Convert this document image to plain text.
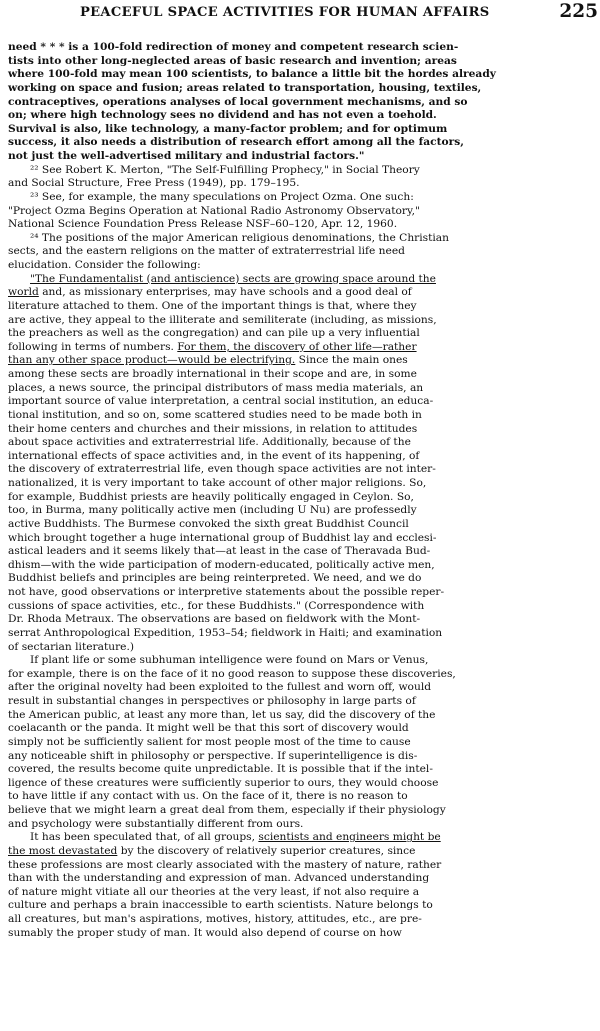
PEACEFUL SPACE ACTIVITIES FOR HUMAN AFFAIRS	225
need * * * is a 100-fold redirection of money and competent research scien-
tists into other long-neglected areas of basic research and invention; areas
where 100-fold may mean 100 scientists, to balance a little bit the hordes already
working on space and fusion; areas related to transportation, housing, textiles,
contraceptives, operations analyses of local government mechanisms, and so
on; where high technology sees no dividend and has not even a toehold.
Survival is also, like technology, a many-factor problem; and for optimum
success, it also needs a distribution of research effort among all the factors,
not just the well-advertised military and industrial factors."
²² See Robert K. Merton, "The Self-Fulfilling Prophecy," in Social Theory
and Social Structure, Free Press (1949), pp. 179–195.
²³ See, for example, the many speculations on Project Ozma. One such:
"Project Ozma Begins Operation at National Radio Astronomy Observatory,"
National Science Foundation Press Release NSF–60–120, Apr. 12, 1960.
²⁴ The positions of the major American religious denominations, the Christian
sects, and the eastern religions on the matter of extraterrestrial life need
elucidation. Consider the following:
"The Fundamentalist (and antiscience) sects are growing space around the
world and, as missionary enterprises, may have schools and a good deal of
literature attached to them. One of the important things is that, where they
are active, they appeal to the illiterate and semiliterate (including, as missions,
the preachers as well as the congregation) and can pile up a very influential
following in terms of numbers. For them, the discovery of other life—rather
than any other space product—would be electrifying. Since the main ones
among these sects are broadly international in their scope and are, in some
places, a news source, the principal distributors of mass media materials, an
important source of value interpretation, a central social institution, an educa-
tional institution, and so on, some scattered studies need to be made both in
their home centers and churches and their missions, in relation to attitudes
about space activities and extraterrestrial life. Additionally, because of the
international effects of space activities and, in the event of its happening, of
the discovery of extraterrestrial life, even though space activities are not inter-
nationalized, it is very important to take account of other major religions. So,
for example, Buddhist priests are heavily politically engaged in Ceylon. So,
too, in Burma, many politically active men (including U Nu) are professedly
active Buddhists. The Burmese convoked the sixth great Buddhist Council
which brought together a huge international group of Buddhist lay and ecclesi-
astical leaders and it seems likely that—at least in the case of Theravada Bud-
dhism—with the wide participation of modern-educated, politically active men,
Buddhist beliefs and principles are being reinterpreted. We need, and we do
not have, good observations or interpretive statements about the possible reper-
cussions of space activities, etc., for these Buddhists." (Correspondence with
Dr. Rhoda Metraux. The observations are based on fieldwork with the Mont-
serrat Anthropological Expedition, 1953–54; fieldwork in Haiti; and examination
of sectarian literature.)
If plant life or some subhuman intelligence were found on Mars or Venus,
for example, there is on the face of it no good reason to suppose these discoveries,
after the original novelty had been exploited to the fullest and worn off, would
result in substantial changes in perspectives or philosophy in large parts of
the American public, at least any more than, let us say, did the discovery of the
coelacanth or the panda. It might well be that this sort of discovery would
simply not be sufficiently salient for most people most of the time to cause
any noticeable shift in philosophy or perspective. If superintelligence is dis-
covered, the results become quite unpredictable. It is possible that if the intel-
ligence of these creatures were sufficiently superior to ours, they would choose
to have little if any contact with us. On the face of it, there is no reason to
believe that we might learn a great deal from them, especially if their physiology
and psychology were substantially different from ours.
It has been speculated that, of all groups, scientists and engineers might be
the most devastated by the discovery of relatively superior creatures, since
these professions are most clearly associated with the mastery of nature, rather
than with the understanding and expression of man. Advanced understanding
of nature might vitiate all our theories at the very least, if not also require a
culture and perhaps a brain inaccessible to earth scientists. Nature belongs to
all creatures, but man's aspirations, motives, history, attitudes, etc., are pre-
sumably the proper study of man. It would also depend of course on how
